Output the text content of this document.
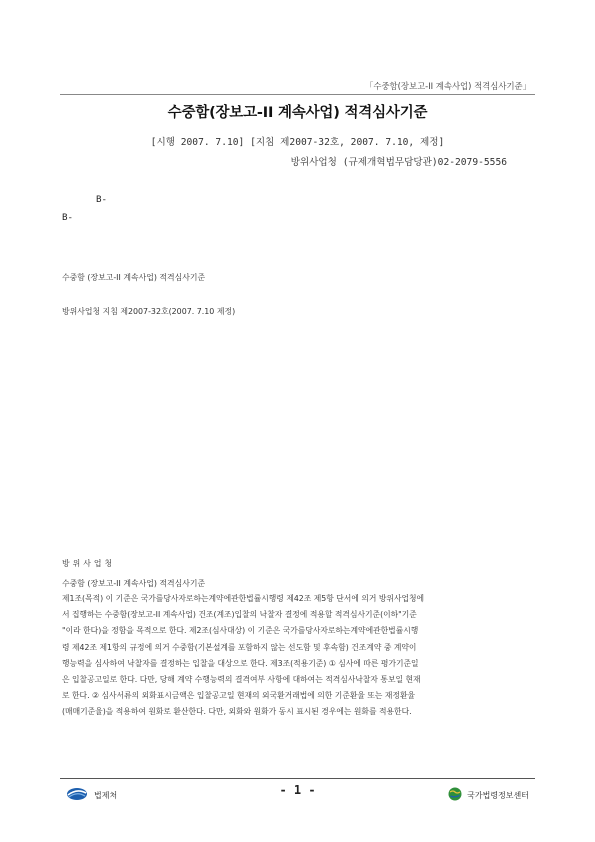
「수중함(장보고-II 계속사업) 적격심사기준」
수중함(장보고-II 계속사업) 적격심사기준
[시행 2007. 7.10] [지침 제2007-32호, 2007. 7.10, 제정]
방위사업청 (규제개혁법무담당관)02-2079-5556
B-
B-
수중함 (장보고-II 계속사업) 적격심사기준
방위사업청 지침 제2007-32호(2007. 7.10 제정)
방위사업청
수중함 (장보고-II 계속사업) 적격심사기준
제1조(목적) 이 기준은 국가를당사자로하는계약에관한법률시행령 제42조 제5항 단서에 의거 방위사업청에
서 집행하는 수중함(장보고-II 계속사업) 건조(계조)입찰의 낙찰자 결정에 적용할 적격심사기준(이하"기준
"이라 한다)을 정함을 목적으로 한다. 제2조(심사대상) 이 기준은 국가를당사자로하는계약에관한법률시행
령 제42조 제1항의 규정에 의거 수중함(기본설계를 포함하지 않는 선도함 및 후속함) 건조계약 중 계약이
행능력을 심사하여 낙찰자를 결정하는 입찰을 대상으로 한다. 제3조(적용기준) ① 심사에 따른 평가기준일
은 입찰공고일로 한다. 다만, 당해 계약 수행능력의 결격여부 사항에 대하여는 적격심사낙찰자 통보일 현재
로 한다. ② 심사서류의 외화표시금액은 입찰공고일 현재의 외국환거래법에 의한 기준환율 또는 재정환율
(매매기준율)을 적용하여 원화로 환산한다. 다만, 외화와 원화가 동시 표시된 경우에는 원화를 적용한다.
법제처	- 1 -	국가법령정보센터
